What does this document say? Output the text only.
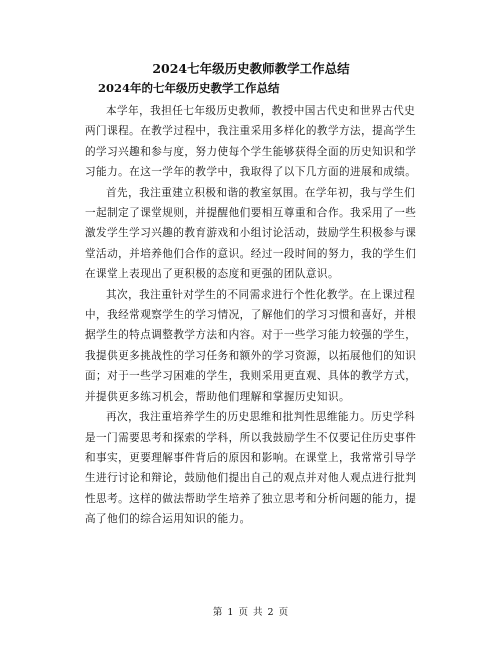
2024七年级历史教师教学工作总结
2024年的七年级历史教学工作总结

本学年，我担任七年级历史教师，教授中国古代史和世界古代史
两门课程。在教学过程中，我注重采用多样化的教学方法，提高学生
的学习兴趣和参与度，努力使每个学生能够获得全面的历史知识和学
习能力。在这一学年的教学中，我取得了以下几方面的进展和成绩。

首先，我注重建立积极和谐的教室氛围。在学年初，我与学生们
一起制定了课堂规则，并提醒他们要相互尊重和合作。我采用了一些
激发学生学习兴趣的教育游戏和小组讨论活动，鼓励学生积极参与课
堂活动，并培养他们合作的意识。经过一段时间的努力，我的学生们
在课堂上表现出了更积极的态度和更强的团队意识。

其次，我注重针对学生的不同需求进行个性化教学。在上课过程
中，我经常观察学生的学习情况，了解他们的学习习惯和喜好，并根
据学生的特点调整教学方法和内容。对于一些学习能力较强的学生，
我提供更多挑战性的学习任务和额外的学习资源，以拓展他们的知识
面；对于一些学习困难的学生，我则采用更直观、具体的教学方式，
并提供更多练习机会，帮助他们理解和掌握历史知识。

再次，我注重培养学生的历史思维和批判性思维能力。历史学科
是一门需要思考和探索的学科，所以我鼓励学生不仅要记住历史事件
和事实，更要理解事件背后的原因和影响。在课堂上，我常常引导学
生进行讨论和辩论，鼓励他们提出自己的观点并对他人观点进行批判
性思考。这样的做法帮助学生培养了独立思考和分析问题的能力，提
高了他们的综合运用知识的能力。

第 1 页 共 2 页
